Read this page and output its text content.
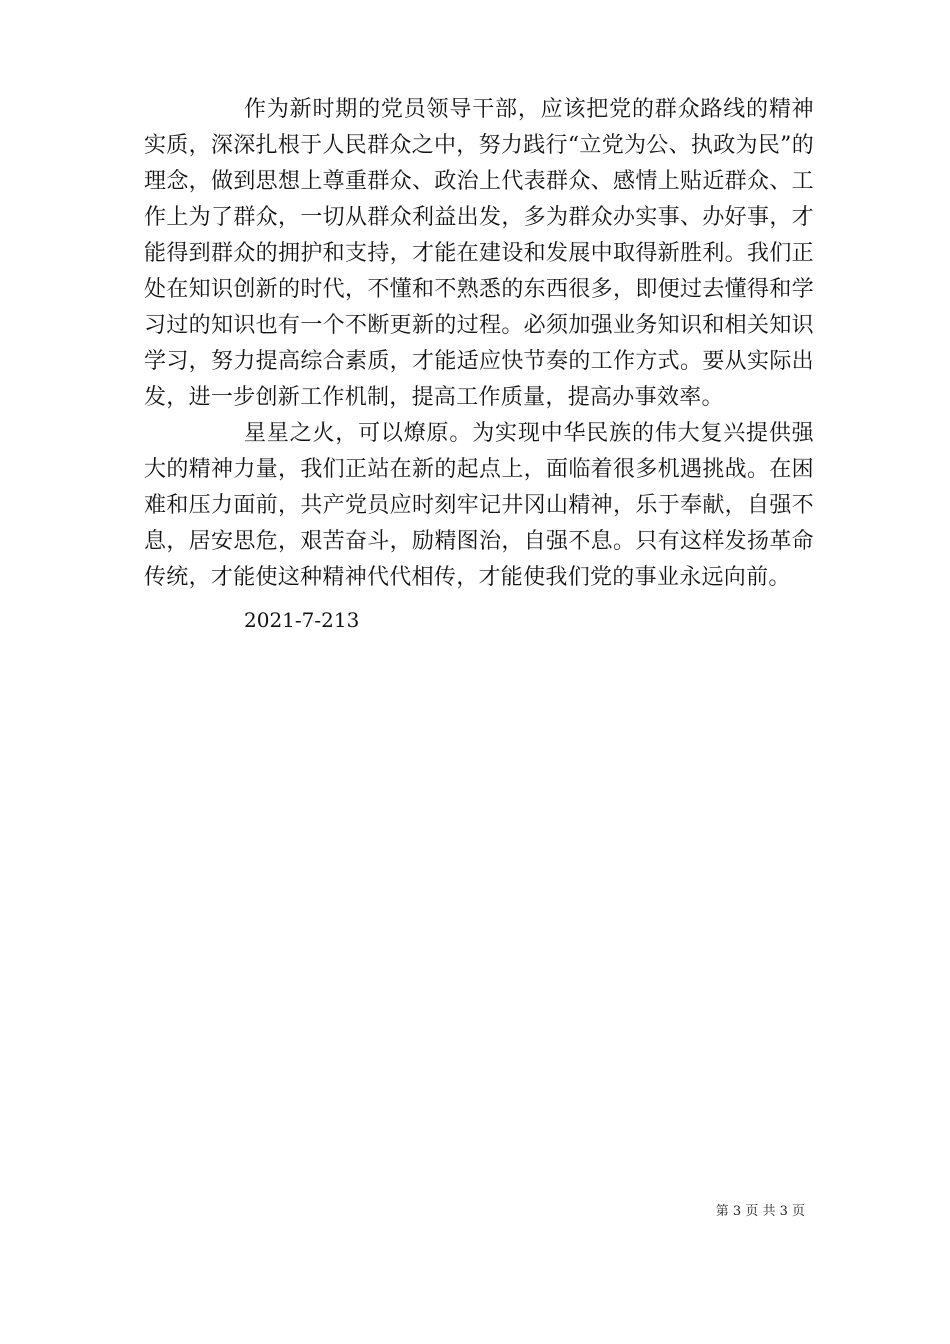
作为新时期的党员领导干部，应该把党的群众路线的精神实质，深深扎根于人民群众之中，努力践行“立党为公、执政为民”的理念，做到思想上尊重群众、政治上代表群众、感情上贴近群众、工作上为了群众，一切从群众利益出发，多为群众办实事、办好事，才能得到群众的拥护和支持，才能在建设和发展中取得新胜利。我们正处在知识创新的时代，不懂和不熟悉的东西很多，即便过去懂得和学习过的知识也有一个不断更新的过程。必须加强业务知识和相关知识学习，努力提高综合素质，才能适应快节奏的工作方式。要从实际出发，进一步创新工作机制，提高工作质量，提高办事效率。

星星之火，可以燎原。为实现中华民族的伟大复兴提供强大的精神力量，我们正站在新的起点上，面临着很多机遇挑战。在困难和压力面前，共产党员应时刻牢记井冈山精神，乐于奉献，自强不息，居安思危，艰苦奋斗，励精图治，自强不息。只有这样发扬革命传统，才能使这种精神代代相传，才能使我们党的事业永远向前。

2021-7-213

第 3 页 共 3 页
